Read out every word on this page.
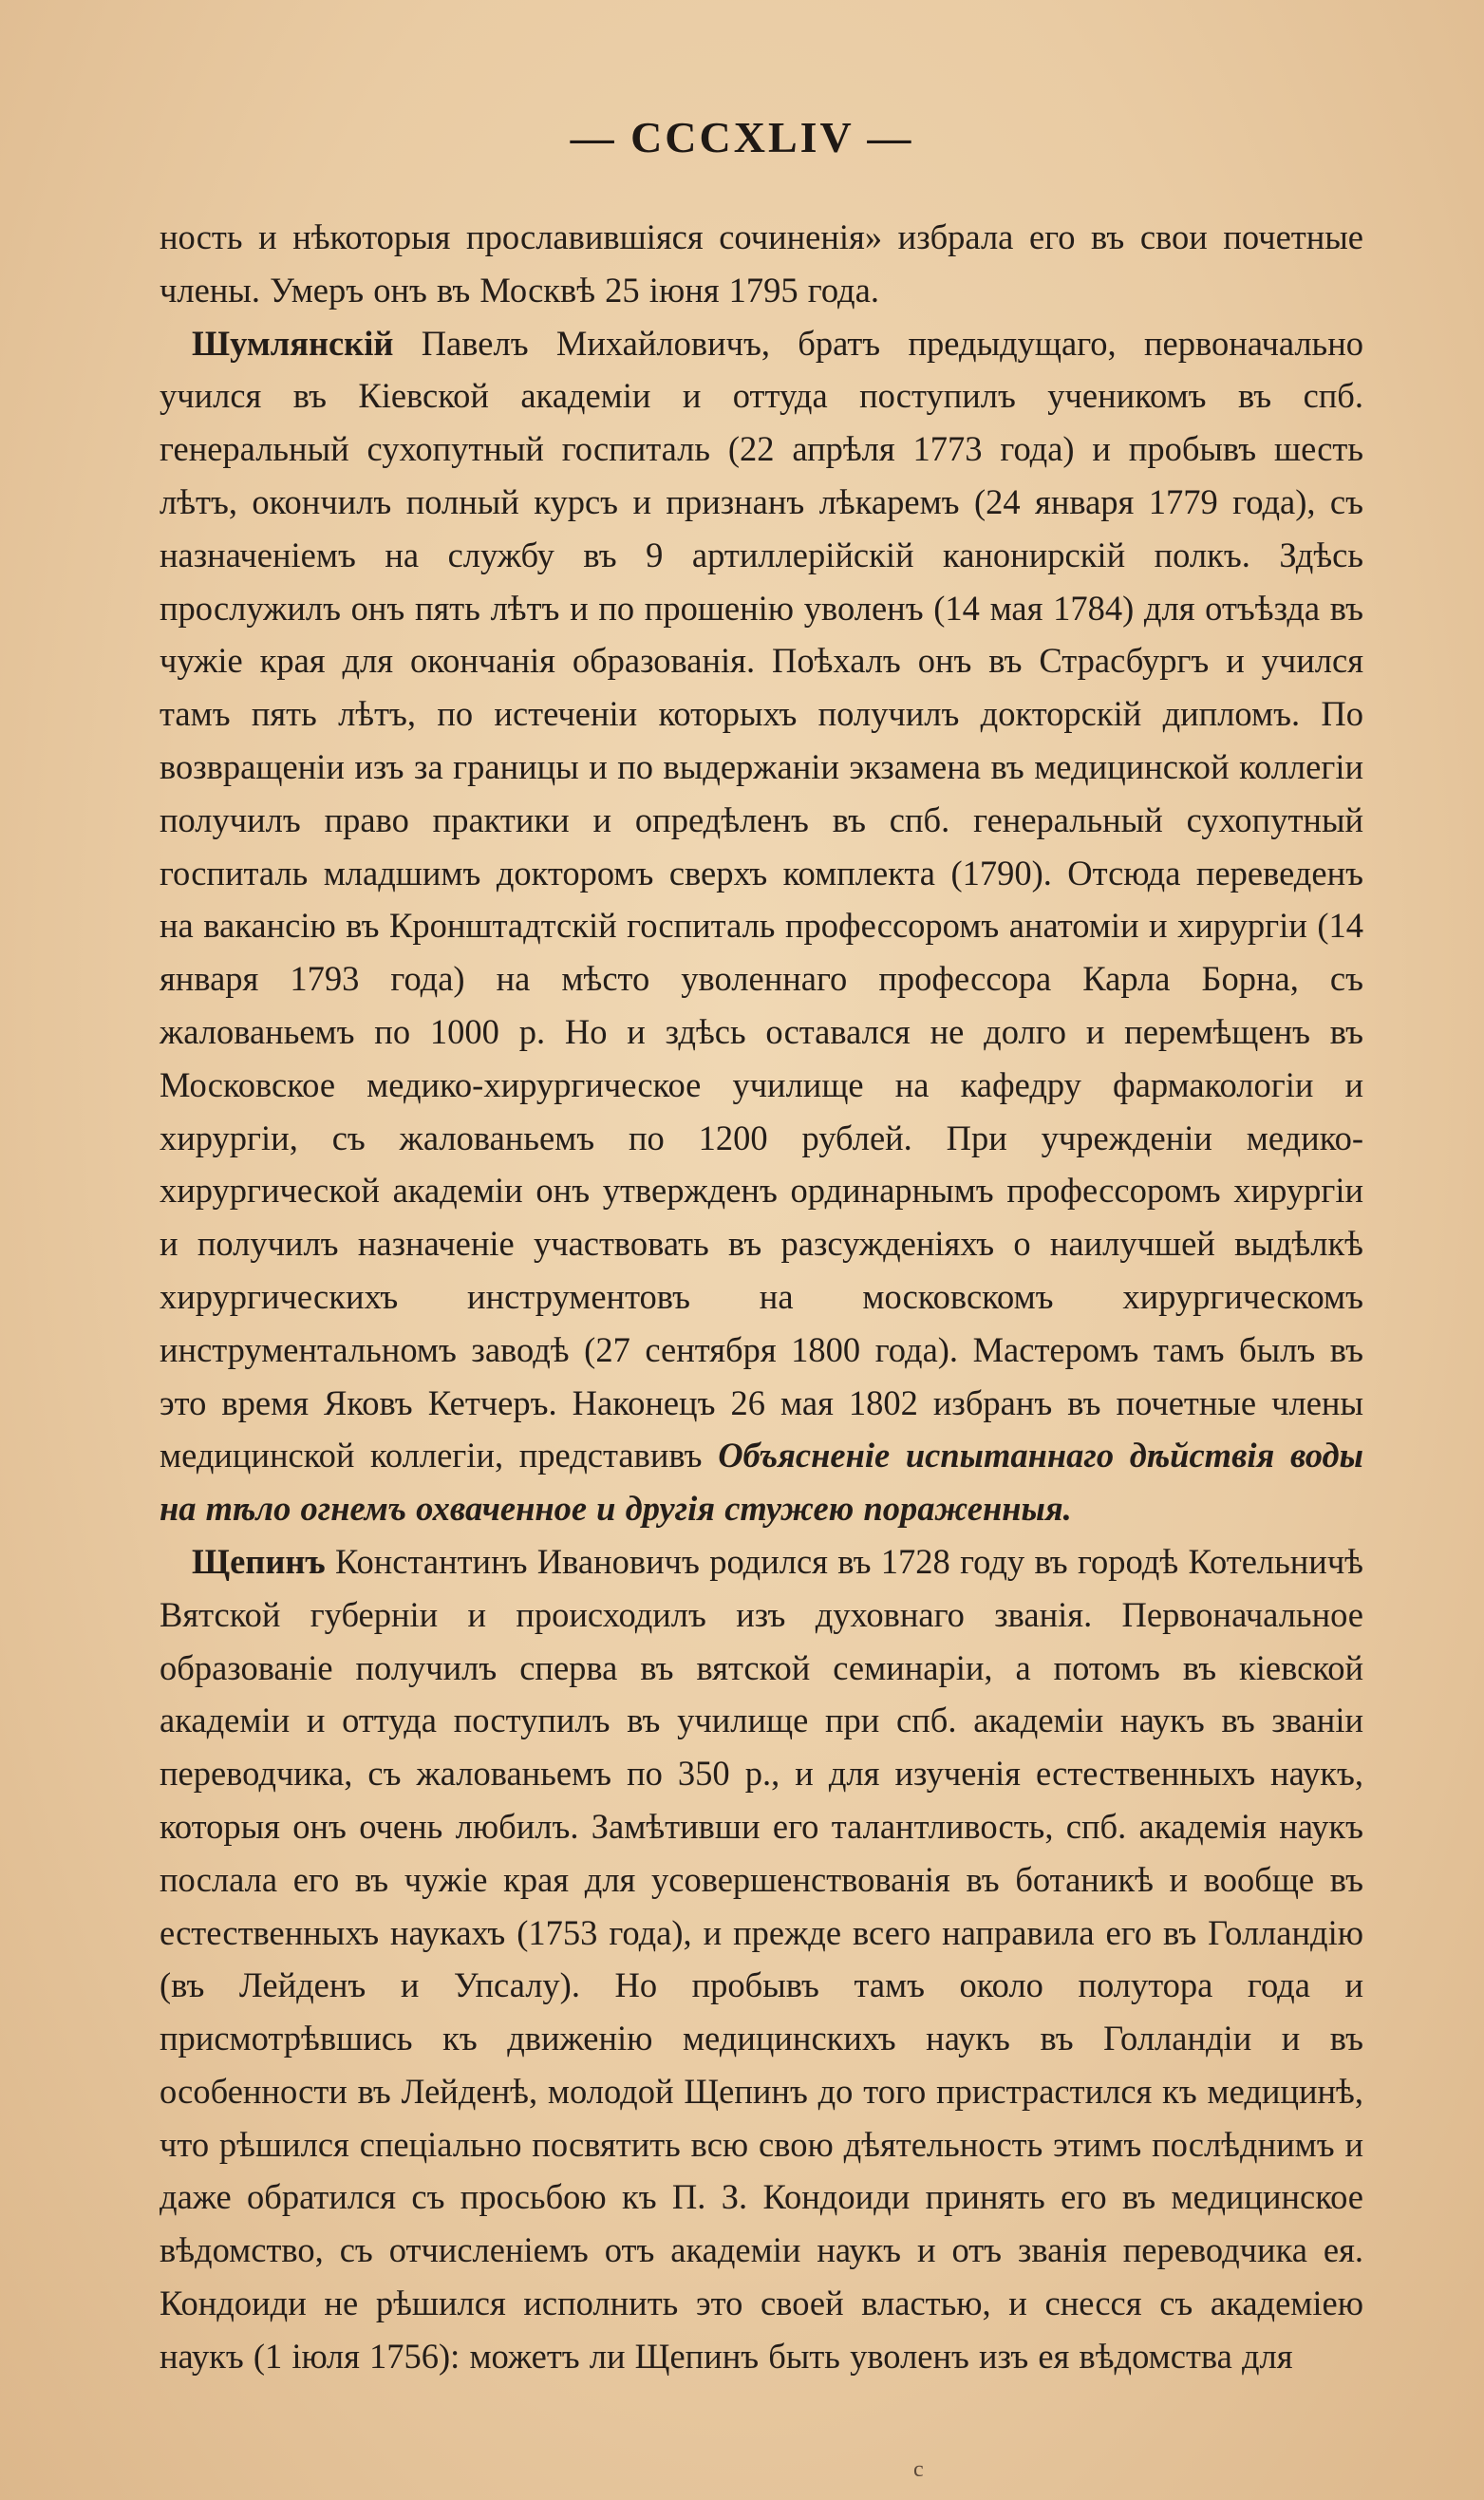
— CCCXLIV —

ность и нѣкоторыя прославившіяся сочиненія» избрала его въ свои почетные члены. Умеръ онъ въ Москвѣ 25 іюня 1795 года.

Шумлянскій Павелъ Михайловичъ, братъ предыдущаго, первоначально учился въ Кіевской академіи и оттуда поступилъ ученикомъ въ спб. генеральный сухопутный госпиталь (22 апрѣля 1773 года) и пробывъ шесть лѣтъ, окончилъ полный курсъ и признанъ лѣкаремъ (24 января 1779 года), съ назначеніемъ на службу въ 9 артиллерійскій канонирскій полкъ. Здѣсь прослужилъ онъ пять лѣтъ и по прошенію уволенъ (14 мая 1784) для отъѣзда въ чужіе края для окончанія образованія. Поѣхалъ онъ въ Страсбургъ и учился тамъ пять лѣтъ, по истеченіи которыхъ получилъ докторскій дипломъ. По возвращеніи изъ за границы и по выдержаніи экзамена въ медицинской коллегіи получилъ право практики и опредѣленъ въ спб. генеральный сухопутный госпиталь младшимъ докторомъ сверхъ комплекта (1790). Отсюда переведенъ на вакансію въ Кронштадтскій госпиталь профессоромъ анатоміи и хирургіи (14 января 1793 года) на мѣсто уволеннаго профессора Карла Борна, съ жалованьемъ по 1000 р. Но и здѣсь оставался не долго и перемѣщенъ въ Московское медико-хирургическое училище на кафедру фармакологіи и хирургіи, съ жалованьемъ по 1200 рублей. При учрежденіи медико-хирургической академіи онъ утвержденъ ординарнымъ профессоромъ хирургіи и получилъ назначеніе участвовать въ разсужденіяхъ о наилучшей выдѣлкѣ хирургическихъ инструментовъ на московскомъ хирургическомъ инструментальномъ заводѣ (27 сентября 1800 года). Мастеромъ тамъ былъ въ это время Яковъ Кетчеръ. Наконецъ 26 мая 1802 избранъ въ почетные члены медицинской коллегіи, представивъ Объясненіе испытаннаго дѣйствія воды на тѣло огнемъ охваченное и другія стужею пораженныя.

Щепинъ Константинъ Ивановичъ родился въ 1728 году въ городѣ Котельничѣ Вятской губерніи и происходилъ изъ духовнаго званія. Первоначальное образованіе получилъ сперва въ вятской семинаріи, а потомъ въ кіевской академіи и оттуда поступилъ въ училище при спб. академіи наукъ въ званіи переводчика, съ жалованьемъ по 350 р., и для изученія естественныхъ наукъ, которыя онъ очень любилъ. Замѣтивши его талантливость, спб. академія наукъ послала его въ чужіе края для усовершенствованія въ ботаникѣ и вообще въ естественныхъ наукахъ (1753 года), и прежде всего направила его въ Голландію (въ Лейденъ и Упсалу). Но пробывъ тамъ около полутора года и присмотрѣвшись къ движенію медицинскихъ наукъ въ Голландіи и въ особенности въ Лейденѣ, молодой Щепинъ до того пристрастился къ медицинѣ, что рѣшился спеціально посвятить всю свою дѣятельность этимъ послѣднимъ и даже обратился съ просьбою къ П. З. Кондоиди принять его въ медицинское вѣдомство, съ отчисленіемъ отъ академіи наукъ и отъ званія переводчика ея. Кондоиди не рѣшился исполнить это своей властью, и снесся съ академіею наукъ (1 іюля 1756): можетъ ли Щепинъ быть уволенъ изъ ея вѣдомства для

с
